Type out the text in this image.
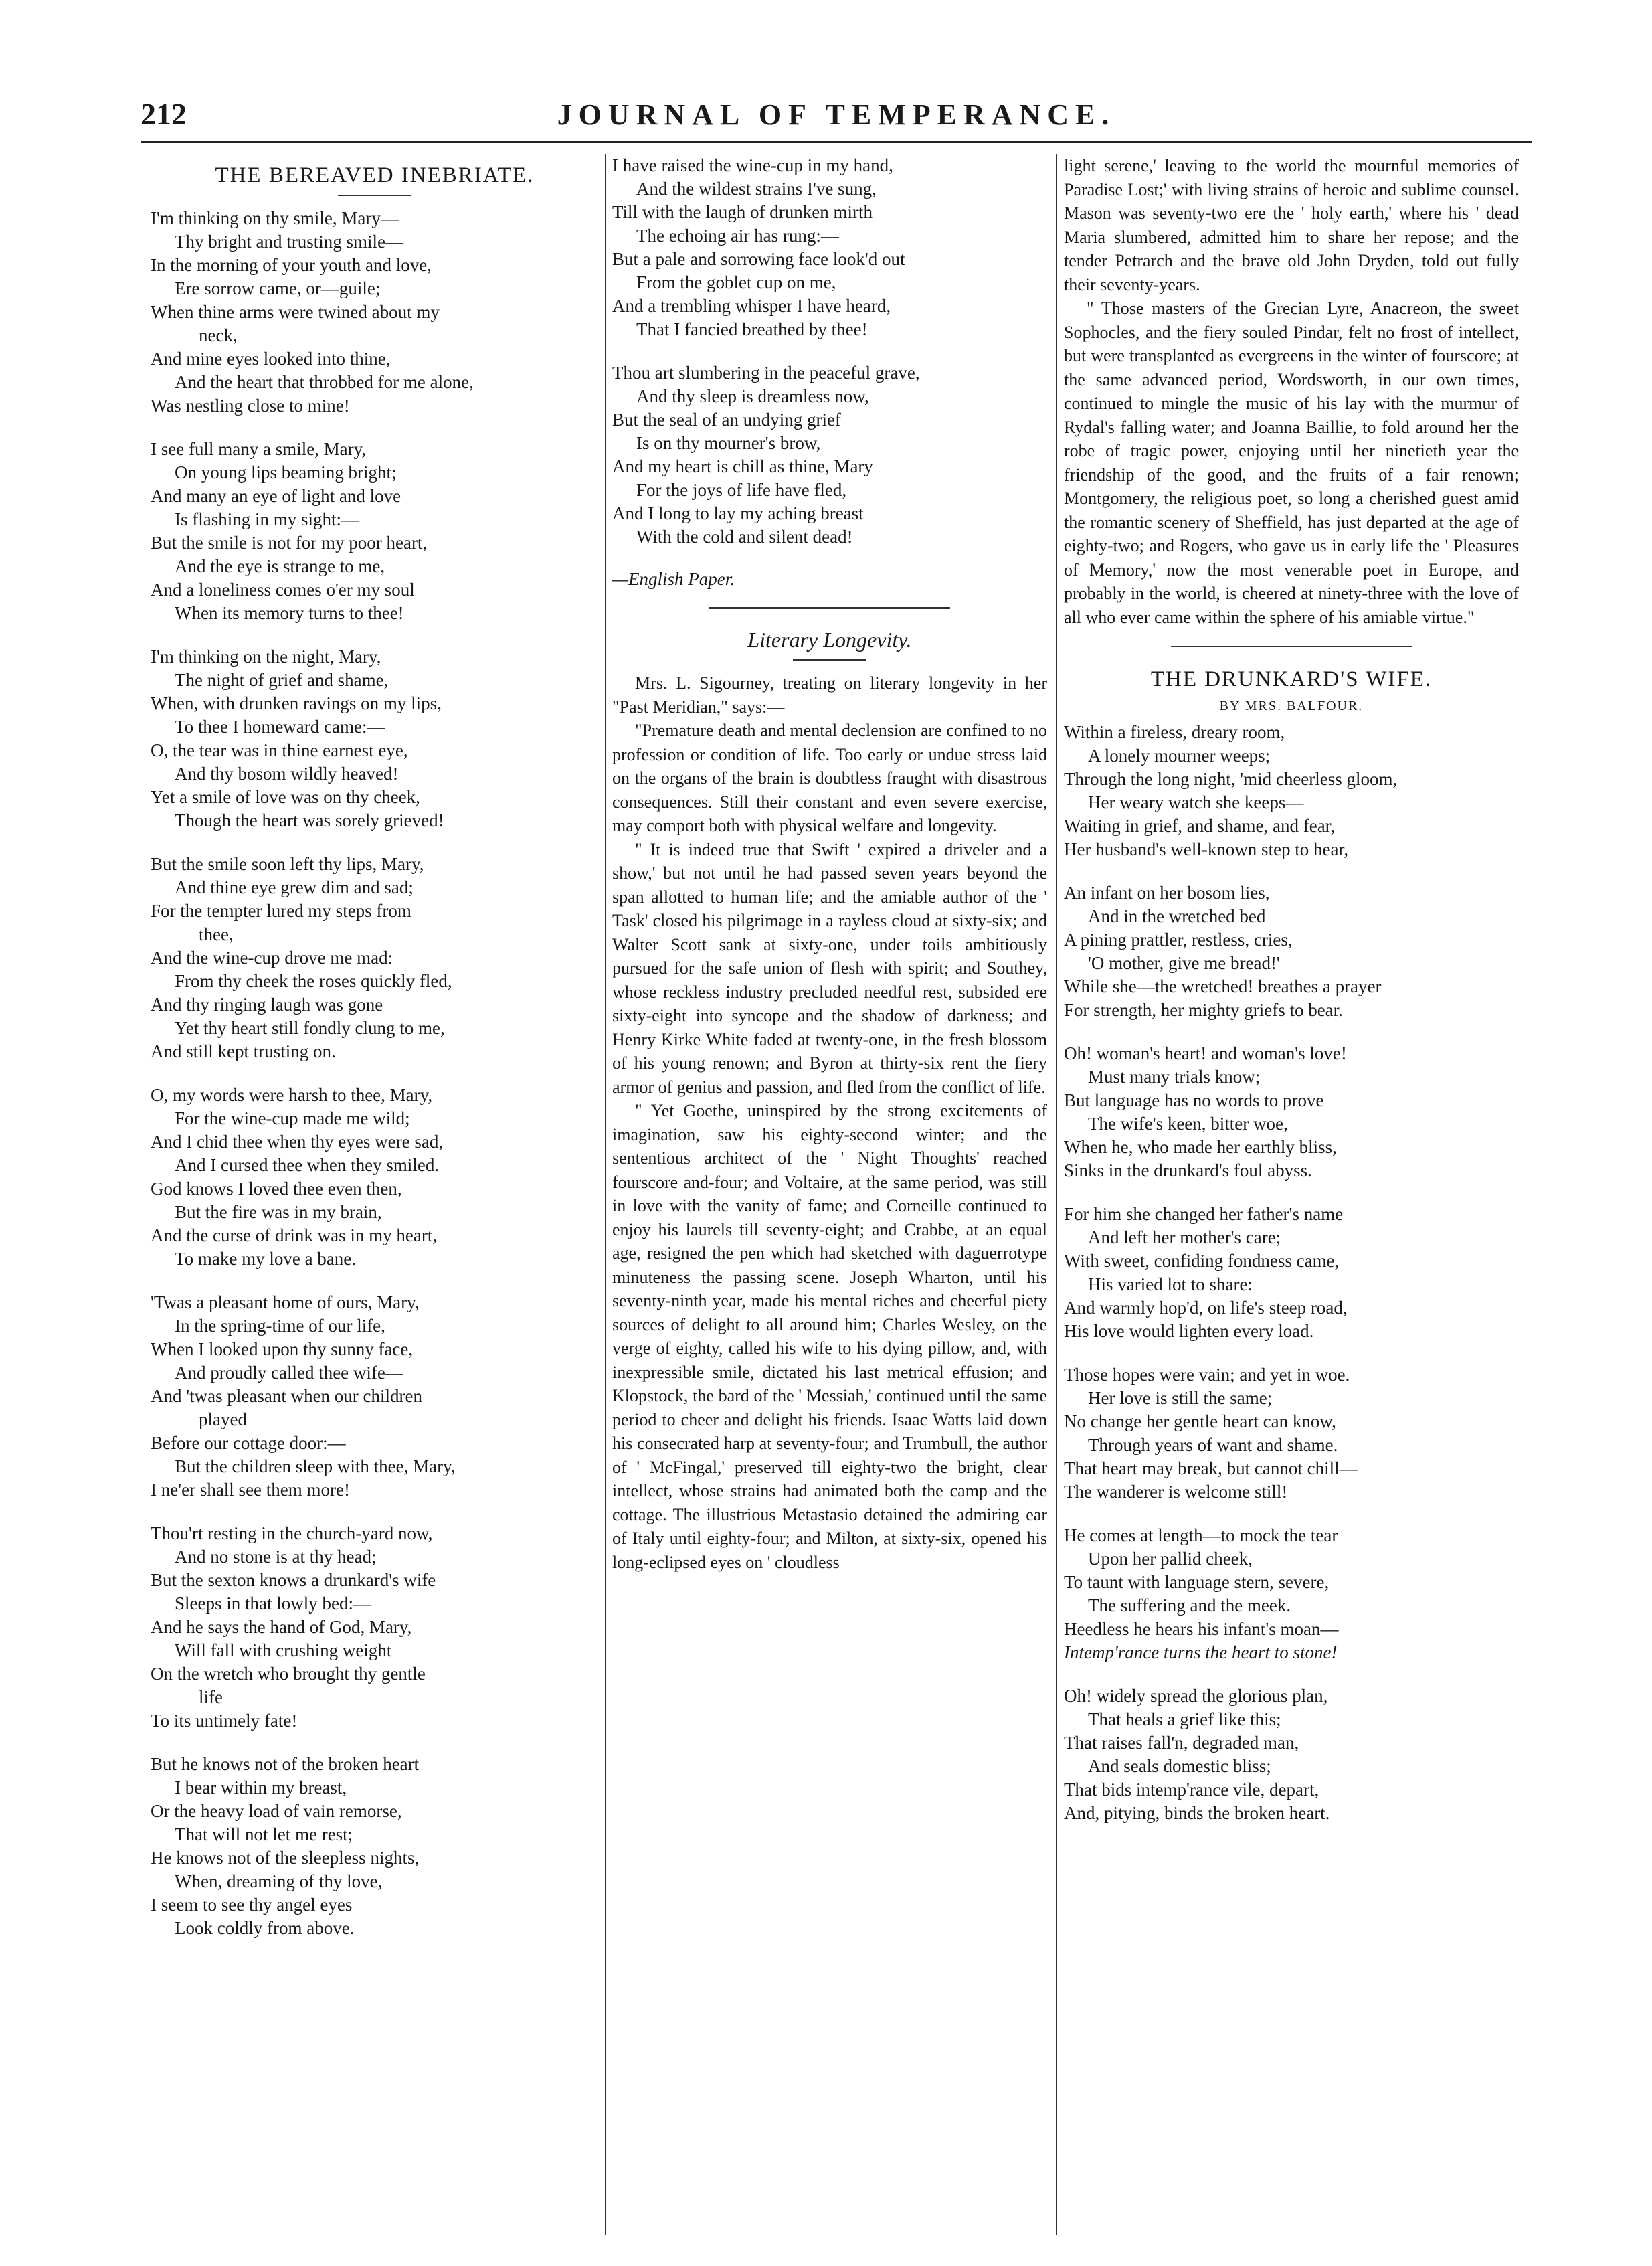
212	JOURNAL OF TEMPERANCE.
THE BEREAVED INEBRIATE.
I'm thinking on thy smile, Mary—
Thy bright and trusting smile—
In the morning of your youth and love,
Ere sorrow came, or—guile;
When thine arms were twined about my
neck,
And mine eyes looked into thine,
And the heart that throbbed for me alone,
Was nestling close to mine!
I see full many a smile, Mary,
On young lips beaming bright;
And many an eye of light and love
Is flashing in my sight:—
But the smile is not for my poor heart,
And the eye is strange to me,
And a loneliness comes o'er my soul
When its memory turns to thee!
I'm thinking on the night, Mary,
The night of grief and shame,
When, with drunken ravings on my lips,
To thee I homeward came:—
O, the tear was in thine earnest eye,
And thy bosom wildly heaved!
Yet a smile of love was on thy cheek,
Though the heart was sorely grieved!
But the smile soon left thy lips, Mary,
And thine eye grew dim and sad;
For the tempter lured my steps from
thee,
And the wine-cup drove me mad:
From thy cheek the roses quickly fled,
And thy ringing laugh was gone
Yet thy heart still fondly clung to me,
And still kept trusting on.
O, my words were harsh to thee, Mary,
For the wine-cup made me wild;
And I chid thee when thy eyes were sad,
And I cursed thee when they smiled.
God knows I loved thee even then,
But the fire was in my brain,
And the curse of drink was in my heart,
To make my love a bane.
'Twas a pleasant home of ours, Mary,
In the spring-time of our life,
When I looked upon thy sunny face,
And proudly called thee wife—
And 'twas pleasant when our children
played
Before our cottage door:—
But the children sleep with thee, Mary,
I ne'er shall see them more!
Thou'rt resting in the church-yard now,
And no stone is at thy head;
But the sexton knows a drunkard's wife
Sleeps in that lowly bed:—
And he says the hand of God, Mary,
Will fall with crushing weight
On the wretch who brought thy gentle
life
To its untimely fate!
But he knows not of the broken heart
I bear within my breast,
Or the heavy load of vain remorse,
That will not let me rest;
He knows not of the sleepless nights,
When, dreaming of thy love,
I seem to see thy angel eyes
Look coldly from above.
I have raised the wine-cup in my hand,
And the wildest strains I've sung,
Till with the laugh of drunken mirth
The echoing air has rung:—
But a pale and sorrowing face look'd out
From the goblet cup on me,
And a trembling whisper I have heard,
That I fancied breathed by thee!
Thou art slumbering in the peaceful grave,
And thy sleep is dreamless now,
But the seal of an undying grief
Is on thy mourner's brow,
And my heart is chill as thine, Mary
For the joys of life have fled,
And I long to lay my aching breast
With the cold and silent dead!
—English Paper.
Literary Longevity.

Mrs. L. Sigourney, treating on literary longevity in her "Past Meridian," says:—

"Premature death and mental declension are confined to no profession or condition of life. Too early or undue stress laid on the organs of the brain is doubtless fraught with disastrous consequences. Still their constant and even severe exercise, may comport both with physical welfare and longevity.

" It is indeed true that Swift ' expired a driveler and a show,' but not until he had passed seven years beyond the span allotted to human life; and the amiable author of the ' Task' closed his pilgrimage in a rayless cloud at sixty-six; and Walter Scott sank at sixty-one, under toils ambitiously pursued for the safe union of flesh with spirit; and Southey, whose reckless industry precluded needful rest, subsided ere sixty-eight into syncope and the shadow of darkness; and Henry Kirke White faded at twenty-one, in the fresh blossom of his young renown; and Byron at thirty-six rent the fiery armor of genius and passion, and fled from the conflict of life.

" Yet Goethe, uninspired by the strong excitements of imagination, saw his eighty-second winter; and the sententious architect of the ' Night Thoughts' reached fourscore and-four; and Voltaire, at the same period, was still in love with the vanity of fame; and Corneille continued to enjoy his laurels till seventy-eight; and Crabbe, at an equal age, resigned the pen which had sketched with daguerrotype minuteness the passing scene. Joseph Wharton, until his seventy-ninth year, made his mental riches and cheerful piety sources of delight to all around him; Charles Wesley, on the verge of eighty, called his wife to his dying pillow, and, with inexpressible smile, dictated his last metrical effusion; and Klopstock, the bard of the ' Messiah,' continued until the same period to cheer and delight his friends. Isaac Watts laid down his consecrated harp at seventy-four; and Trumbull, the author of ' McFingal,' preserved till eighty-two the bright, clear intellect, whose strains had animated both the camp and the cottage. The illustrious Metastasio detained the admiring ear of Italy until eighty-four; and Milton, at sixty-six, opened his long-eclipsed eyes on ' cloudless

light serene,' leaving to the world the mournful memories of Paradise Lost;' with living strains of heroic and sublime counsel. Mason was seventy-two ere the ' holy earth,' where his ' dead Maria slumbered, admitted him to share her repose; and the tender Petrarch and the brave old John Dryden, told out fully their seventy-years.

" Those masters of the Grecian Lyre, Anacreon, the sweet Sophocles, and the fiery souled Pindar, felt no frost of intellect, but were transplanted as evergreens in the winter of fourscore; at the same advanced period, Wordsworth, in our own times, continued to mingle the music of his lay with the murmur of Rydal's falling water; and Joanna Baillie, to fold around her the robe of tragic power, enjoying until her ninetieth year the friendship of the good, and the fruits of a fair renown; Montgomery, the religious poet, so long a cherished guest amid the romantic scenery of Sheffield, has just departed at the age of eighty-two; and Rogers, who gave us in early life the ' Pleasures of Memory,' now the most venerable poet in Europe, and probably in the world, is cheered at ninety-three with the love of all who ever came within the sphere of his amiable virtue."

THE DRUNKARD'S WIFE.
BY MRS. BALFOUR.
Within a fireless, dreary room,
A lonely mourner weeps;
Through the long night, 'mid cheerless gloom,
Her weary watch she keeps—
Waiting in grief, and shame, and fear,
Her husband's well-known step to hear,
An infant on her bosom lies,
And in the wretched bed
A pining prattler, restless, cries,
'O mother, give me bread!'
While she—the wretched! breathes a prayer
For strength, her mighty griefs to bear.
Oh! woman's heart! and woman's love!
Must many trials know;
But language has no words to prove
The wife's keen, bitter woe,
When he, who made her earthly bliss,
Sinks in the drunkard's foul abyss.
For him she changed her father's name
And left her mother's care;
With sweet, confiding fondness came,
His varied lot to share:
And warmly hop'd, on life's steep road,
His love would lighten every load.
Those hopes were vain; and yet in woe.
Her love is still the same;
No change her gentle heart can know,
Through years of want and shame.
That heart may break, but cannot chill—
The wanderer is welcome still!
He comes at length—to mock the tear
Upon her pallid cheek,
To taunt with language stern, severe,
The suffering and the meek.
Heedless he hears his infant's moan—
Intemp'rance turns the heart to stone!
Oh! widely spread the glorious plan,
That heals a grief like this;
That raises fall'n, degraded man,
And seals domestic bliss;
That bids intemp'rance vile, depart,
And, pitying, binds the broken heart.
